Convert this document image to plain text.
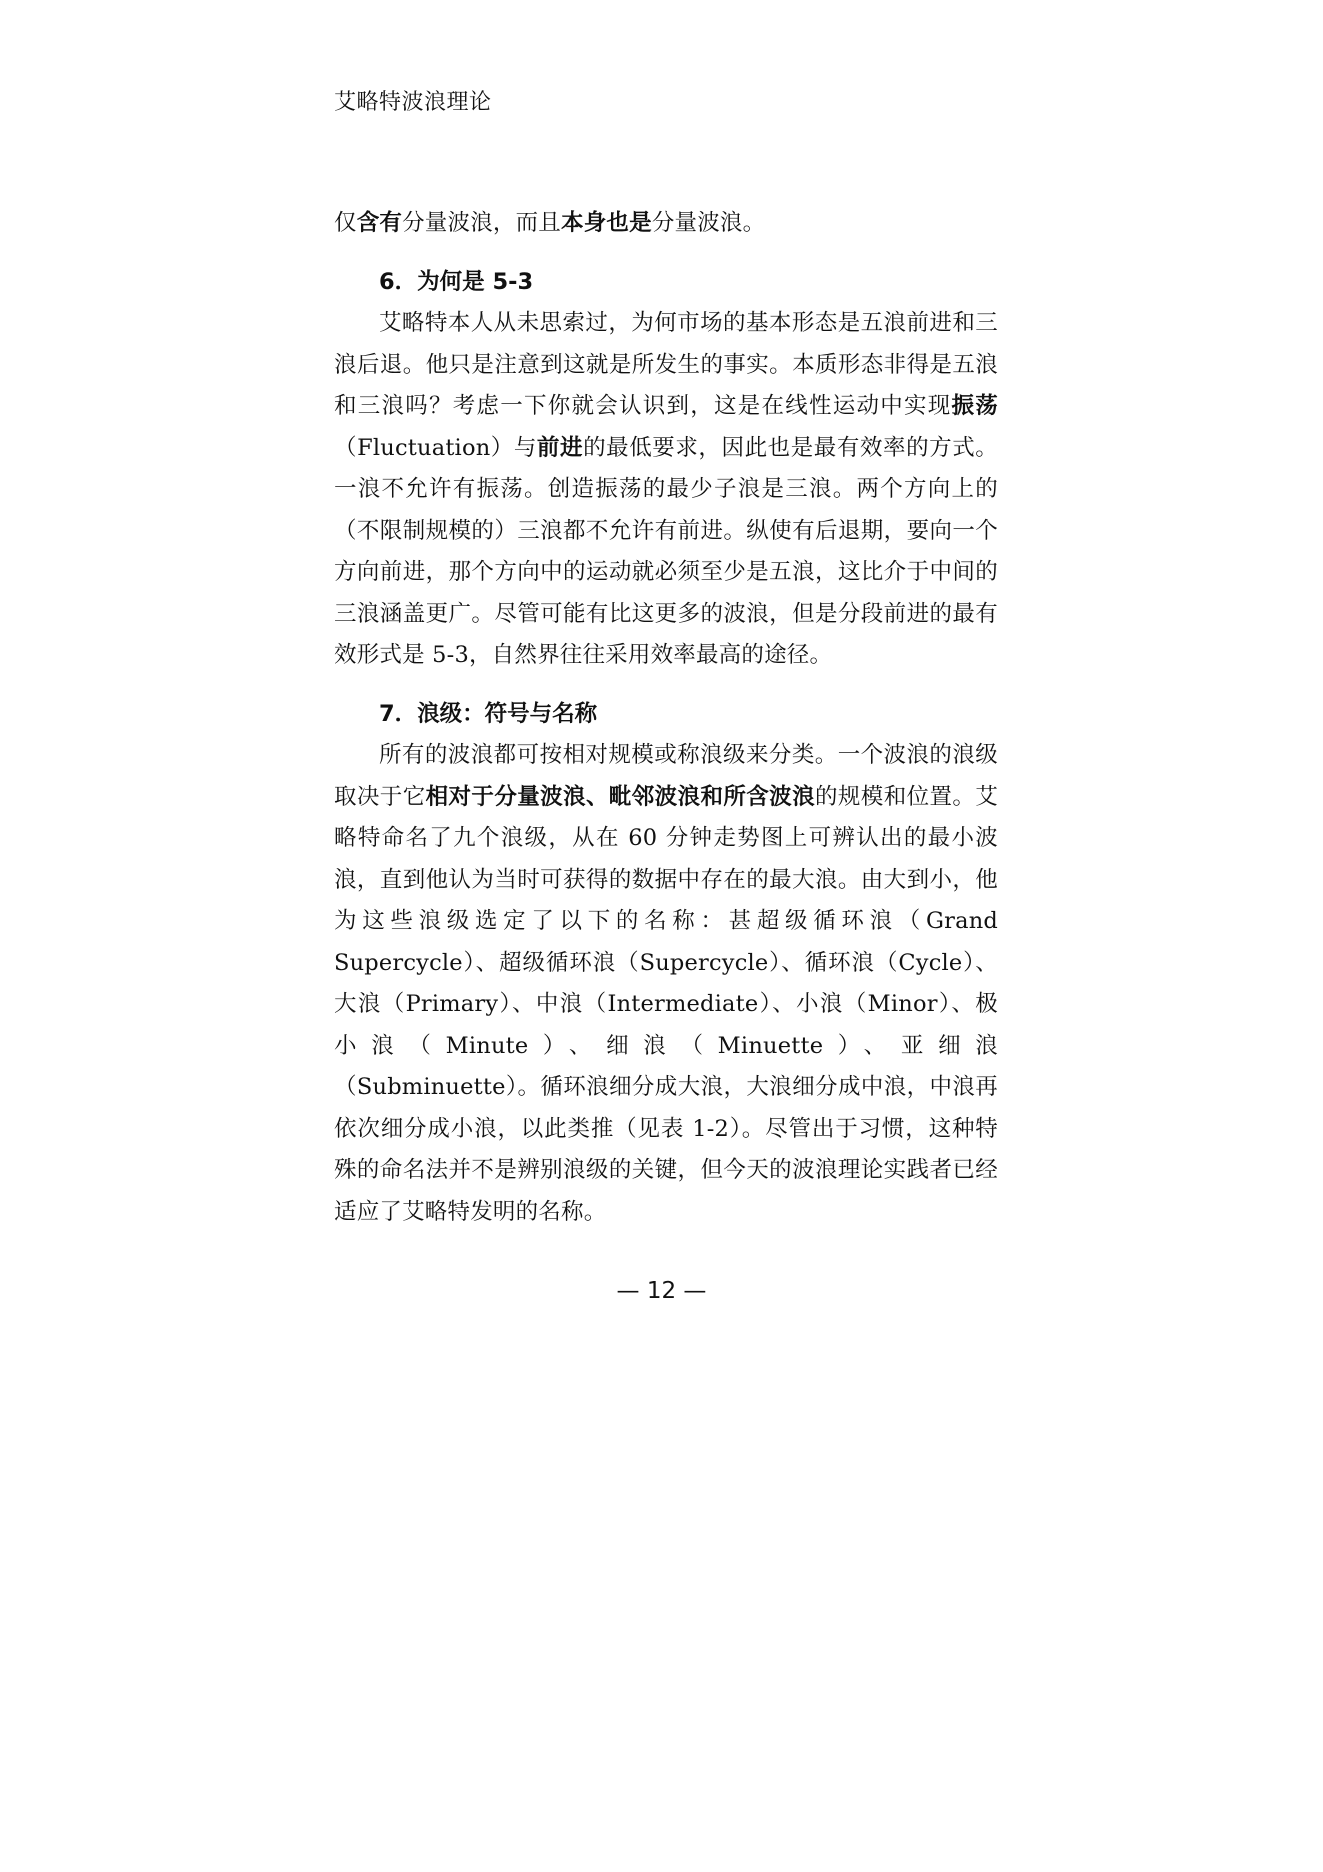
艾略特波浪理论

仅含有分量波浪，而且本身也是分量波浪。

6．为何是 5-3

艾略特本人从未思索过，为何市场的基本形态是五浪前进和三浪后退。他只是注意到这就是所发生的事实。本质形态非得是五浪和三浪吗？考虑一下你就会认识到，这是在线性运动中实现振荡（Fluctuation）与前进的最低要求，因此也是最有效率的方式。一浪不允许有振荡。创造振荡的最少子浪是三浪。两个方向上的（不限制规模的）三浪都不允许有前进。纵使有后退期，要向一个方向前进，那个方向中的运动就必须至少是五浪，这比介于中间的三浪涵盖更广。尽管可能有比这更多的波浪，但是分段前进的最有效形式是 5-3，自然界往往采用效率最高的途径。

7．浪级：符号与名称

所有的波浪都可按相对规模或称浪级来分类。一个波浪的浪级取决于它相对于分量波浪、毗邻波浪和所含波浪的规模和位置。艾略特命名了九个浪级，从在 60 分钟走势图上可辨认出的最小波浪，直到他认为当时可获得的数据中存在的最大浪。由大到小，他为这些浪级选定了以下的名称：甚超级循环浪（Grand Supercycle）、超级循环浪（Supercycle）、循环浪（Cycle）、大浪（Primary）、中浪（Intermediate）、小浪（Minor）、极小浪（Minute）、细浪（Minuette）、亚细浪（Subminuette）。循环浪细分成大浪，大浪细分成中浪，中浪再依次细分成小浪，以此类推（见表 1-2）。尽管出于习惯，这种特殊的命名法并不是辨别浪级的关键，但今天的波浪理论实践者已经适应了艾略特发明的名称。

— 12 —
